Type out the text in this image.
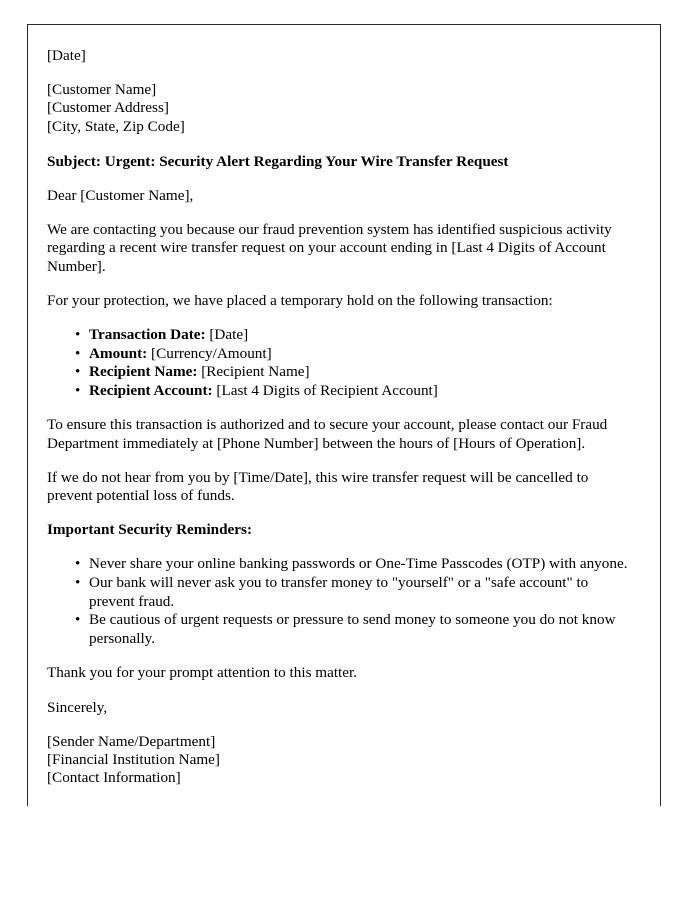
[Date]

[Customer Name]
[Customer Address]
[City, State, Zip Code]

Subject: Urgent: Security Alert Regarding Your Wire Transfer Request

Dear [Customer Name],

We are contacting you because our fraud prevention system has identified suspicious activity regarding a recent wire transfer request on your account ending in [Last 4 Digits of Account Number].

For your protection, we have placed a temporary hold on the following transaction:

• Transaction Date: [Date]
• Amount: [Currency/Amount]
• Recipient Name: [Recipient Name]
• Recipient Account: [Last 4 Digits of Recipient Account]

To ensure this transaction is authorized and to secure your account, please contact our Fraud Department immediately at [Phone Number] between the hours of [Hours of Operation].

If we do not hear from you by [Time/Date], this wire transfer request will be cancelled to prevent potential loss of funds.

Important Security Reminders:

• Never share your online banking passwords or One-Time Passcodes (OTP) with anyone.
• Our bank will never ask you to transfer money to "yourself" or a "safe account" to prevent fraud.
• Be cautious of urgent requests or pressure to send money to someone you do not know personally.

Thank you for your prompt attention to this matter.

Sincerely,

[Sender Name/Department]
[Financial Institution Name]
[Contact Information]
